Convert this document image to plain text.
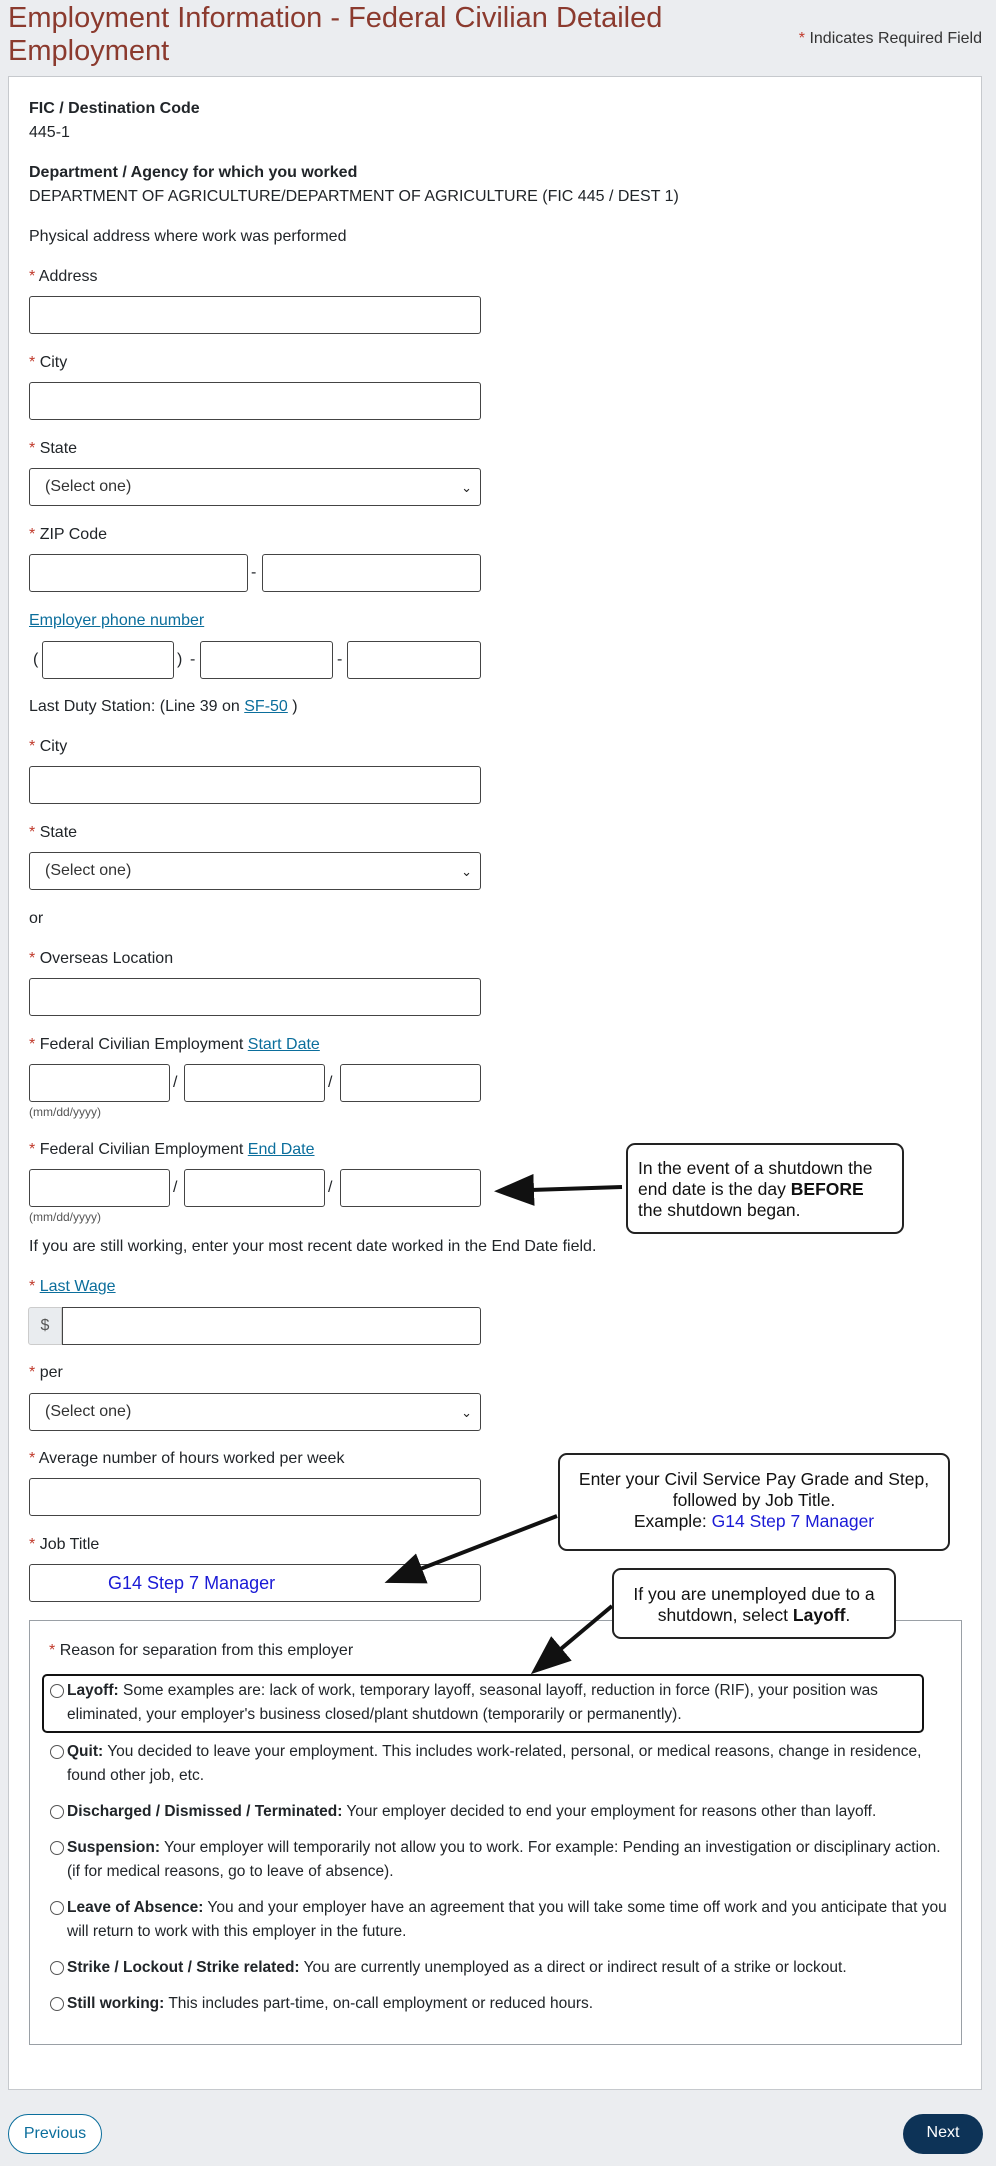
Employment Information - Federal Civilian Detailed Employment	* Indicates Required Field
FIC / Destination Code
445-1
Department / Agency for which you worked
DEPARTMENT OF AGRICULTURE/DEPARTMENT OF AGRICULTURE (FIC 445 / DEST 1)
Physical address where work was performed
* Address
* City
* State
(Select one)	⌄
* ZIP Code
-
Employer phone number
(	) -	-
Last Duty Station: (Line 39 on SF-50 )
* City
* State
(Select one)	⌄
or
* Overseas Location
* Federal Civilian Employment Start Date
/	/
(mm/dd/yyyy)
* Federal Civilian Employment End Date
/	/
(mm/dd/yyyy)
If you are still working, enter your most recent date worked in the End Date field.
* Last Wage
$
* per
(Select one)	⌄
* Average number of hours worked per week
* Job Title
G14 Step 7 Manager
* Reason for separation from this employer
Layoff: Some examples are: lack of work, temporary layoff, seasonal layoff, reduction in force (RIF), your position was eliminated, your employer's business closed/plant shutdown (temporarily or permanently).
Quit: You decided to leave your employment. This includes work-related, personal, or medical reasons, change in residence, found other job, etc.
Discharged / Dismissed / Terminated: Your employer decided to end your employment for reasons other than layoff.
Suspension: Your employer will temporarily not allow you to work. For example: Pending an investigation or disciplinary action. (if for medical reasons, go to leave of absence).
Leave of Absence: You and your employer have an agreement that you will take some time off work and you anticipate that you will return to work with this employer in the future.
Strike / Lockout / Strike related: You are currently unemployed as a direct or indirect result of a strike or lockout.
Still working: This includes part-time, on-call employment or reduced hours.
In the event of a shutdown the end date is the day BEFORE the shutdown began.
Enter your Civil Service Pay Grade and Step, followed by Job Title.
Example: G14 Step 7 Manager
If you are unemployed due to a shutdown, select Layoff.
Previous	Next
